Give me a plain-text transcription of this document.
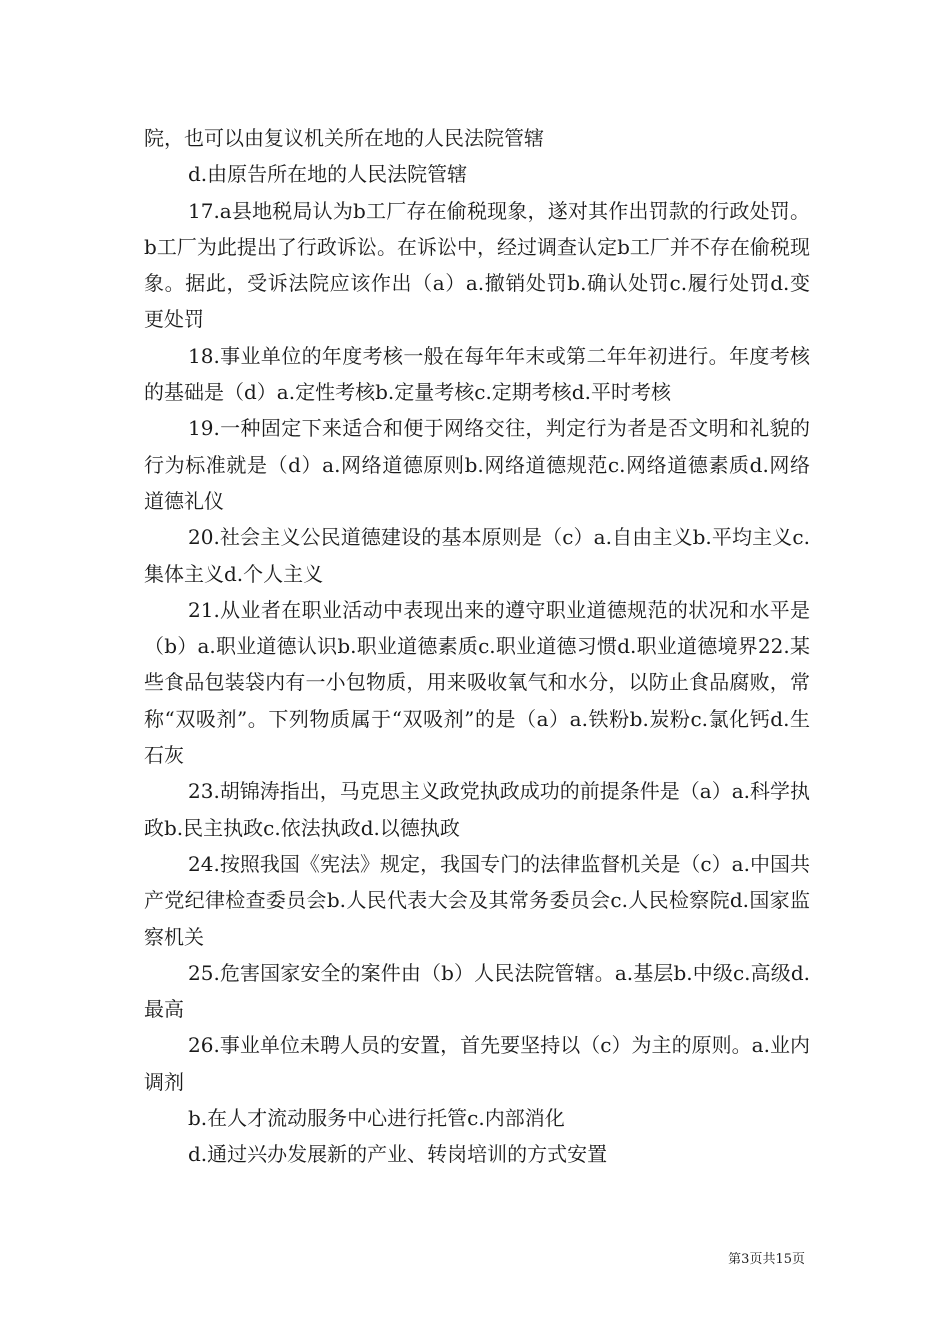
院，也可以由复议机关所在地的人民法院管辖

d.由原告所在地的人民法院管辖

17.a县地税局认为b工厂存在偷税现象，遂对其作出罚款的行政处罚。b工厂为此提出了行政诉讼。在诉讼中，经过调查认定b工厂并不存在偷税现象。据此，受诉法院应该作出（a）a.撤销处罚b.确认处罚c.履行处罚d.变更处罚

18.事业单位的年度考核一般在每年年末或第二年年初进行。年度考核的基础是（d）a.定性考核b.定量考核c.定期考核d.平时考核

19.一种固定下来适合和便于网络交往，判定行为者是否文明和礼貌的行为标准就是（d）a.网络道德原则b.网络道德规范c.网络道德素质d.网络道德礼仪

20.社会主义公民道德建设的基本原则是（c）a.自由主义b.平均主义c.集体主义d.个人主义

21.从业者在职业活动中表现出来的遵守职业道德规范的状况和水平是（b）a.职业道德认识b.职业道德素质c.职业道德习惯d.职业道德境界22.某些食品包装袋内有一小包物质，用来吸收氧气和水分，以防止食品腐败，常称“双吸剂”。下列物质属于“双吸剂”的是（a）a.铁粉b.炭粉c.氯化钙d.生石灰

23.胡锦涛指出，马克思主义政党执政成功的前提条件是（a）a.科学执政b.民主执政c.依法执政d.以德执政

24.按照我国《宪法》规定，我国专门的法律监督机关是（c）a.中国共产党纪律检查委员会b.人民代表大会及其常务委员会c.人民检察院d.国家监察机关

25.危害国家安全的案件由（b）人民法院管辖。a.基层b.中级c.高级d.最高

26.事业单位未聘人员的安置，首先要坚持以（c）为主的原则。a.业内调剂

b.在人才流动服务中心进行托管c.内部消化

d.通过兴办发展新的产业、转岗培训的方式安置

第3页共15页
